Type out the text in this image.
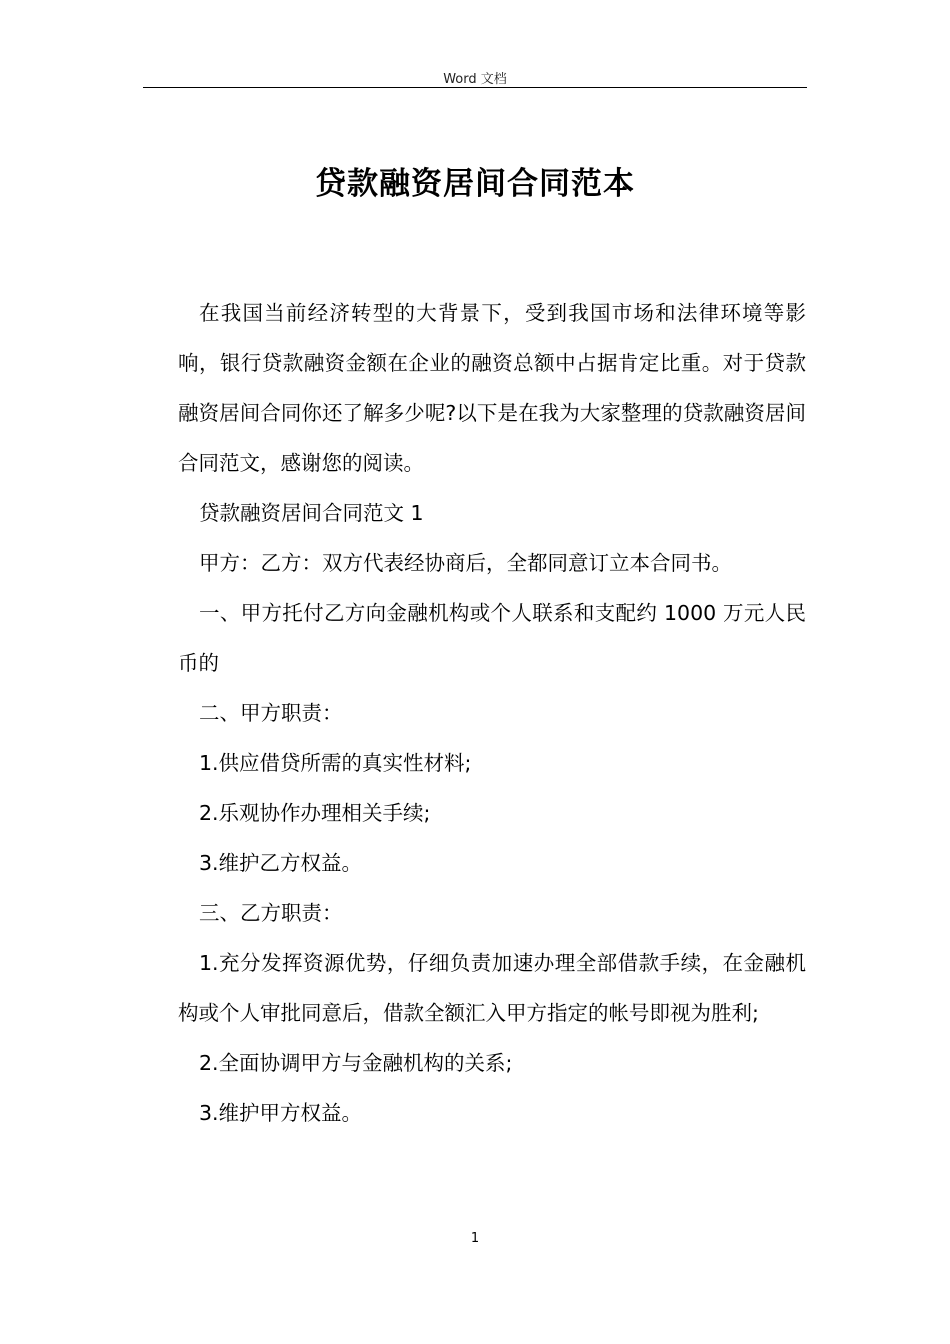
Word 文档
贷款融资居间合同范本

在我国当前经济转型的大背景下，受到我国市场和法律环境等影响，银行贷款融资金额在企业的融资总额中占据肯定比重。对于贷款融资居间合同你还了解多少呢?以下是在我为大家整理的贷款融资居间合同范文，感谢您的阅读。

贷款融资居间合同范文 1

甲方：乙方：双方代表经协商后，全都同意订立本合同书。

一、甲方托付乙方向金融机构或个人联系和支配约 1000 万元人民币的

二、甲方职责：

1.供应借贷所需的真实性材料;

2.乐观协作办理相关手续;

3.维护乙方权益。

三、乙方职责：

1.充分发挥资源优势，仔细负责加速办理全部借款手续，在金融机构或个人审批同意后，借款全额汇入甲方指定的帐号即视为胜利;

2.全面协调甲方与金融机构的关系;

3.维护甲方权益。

1
